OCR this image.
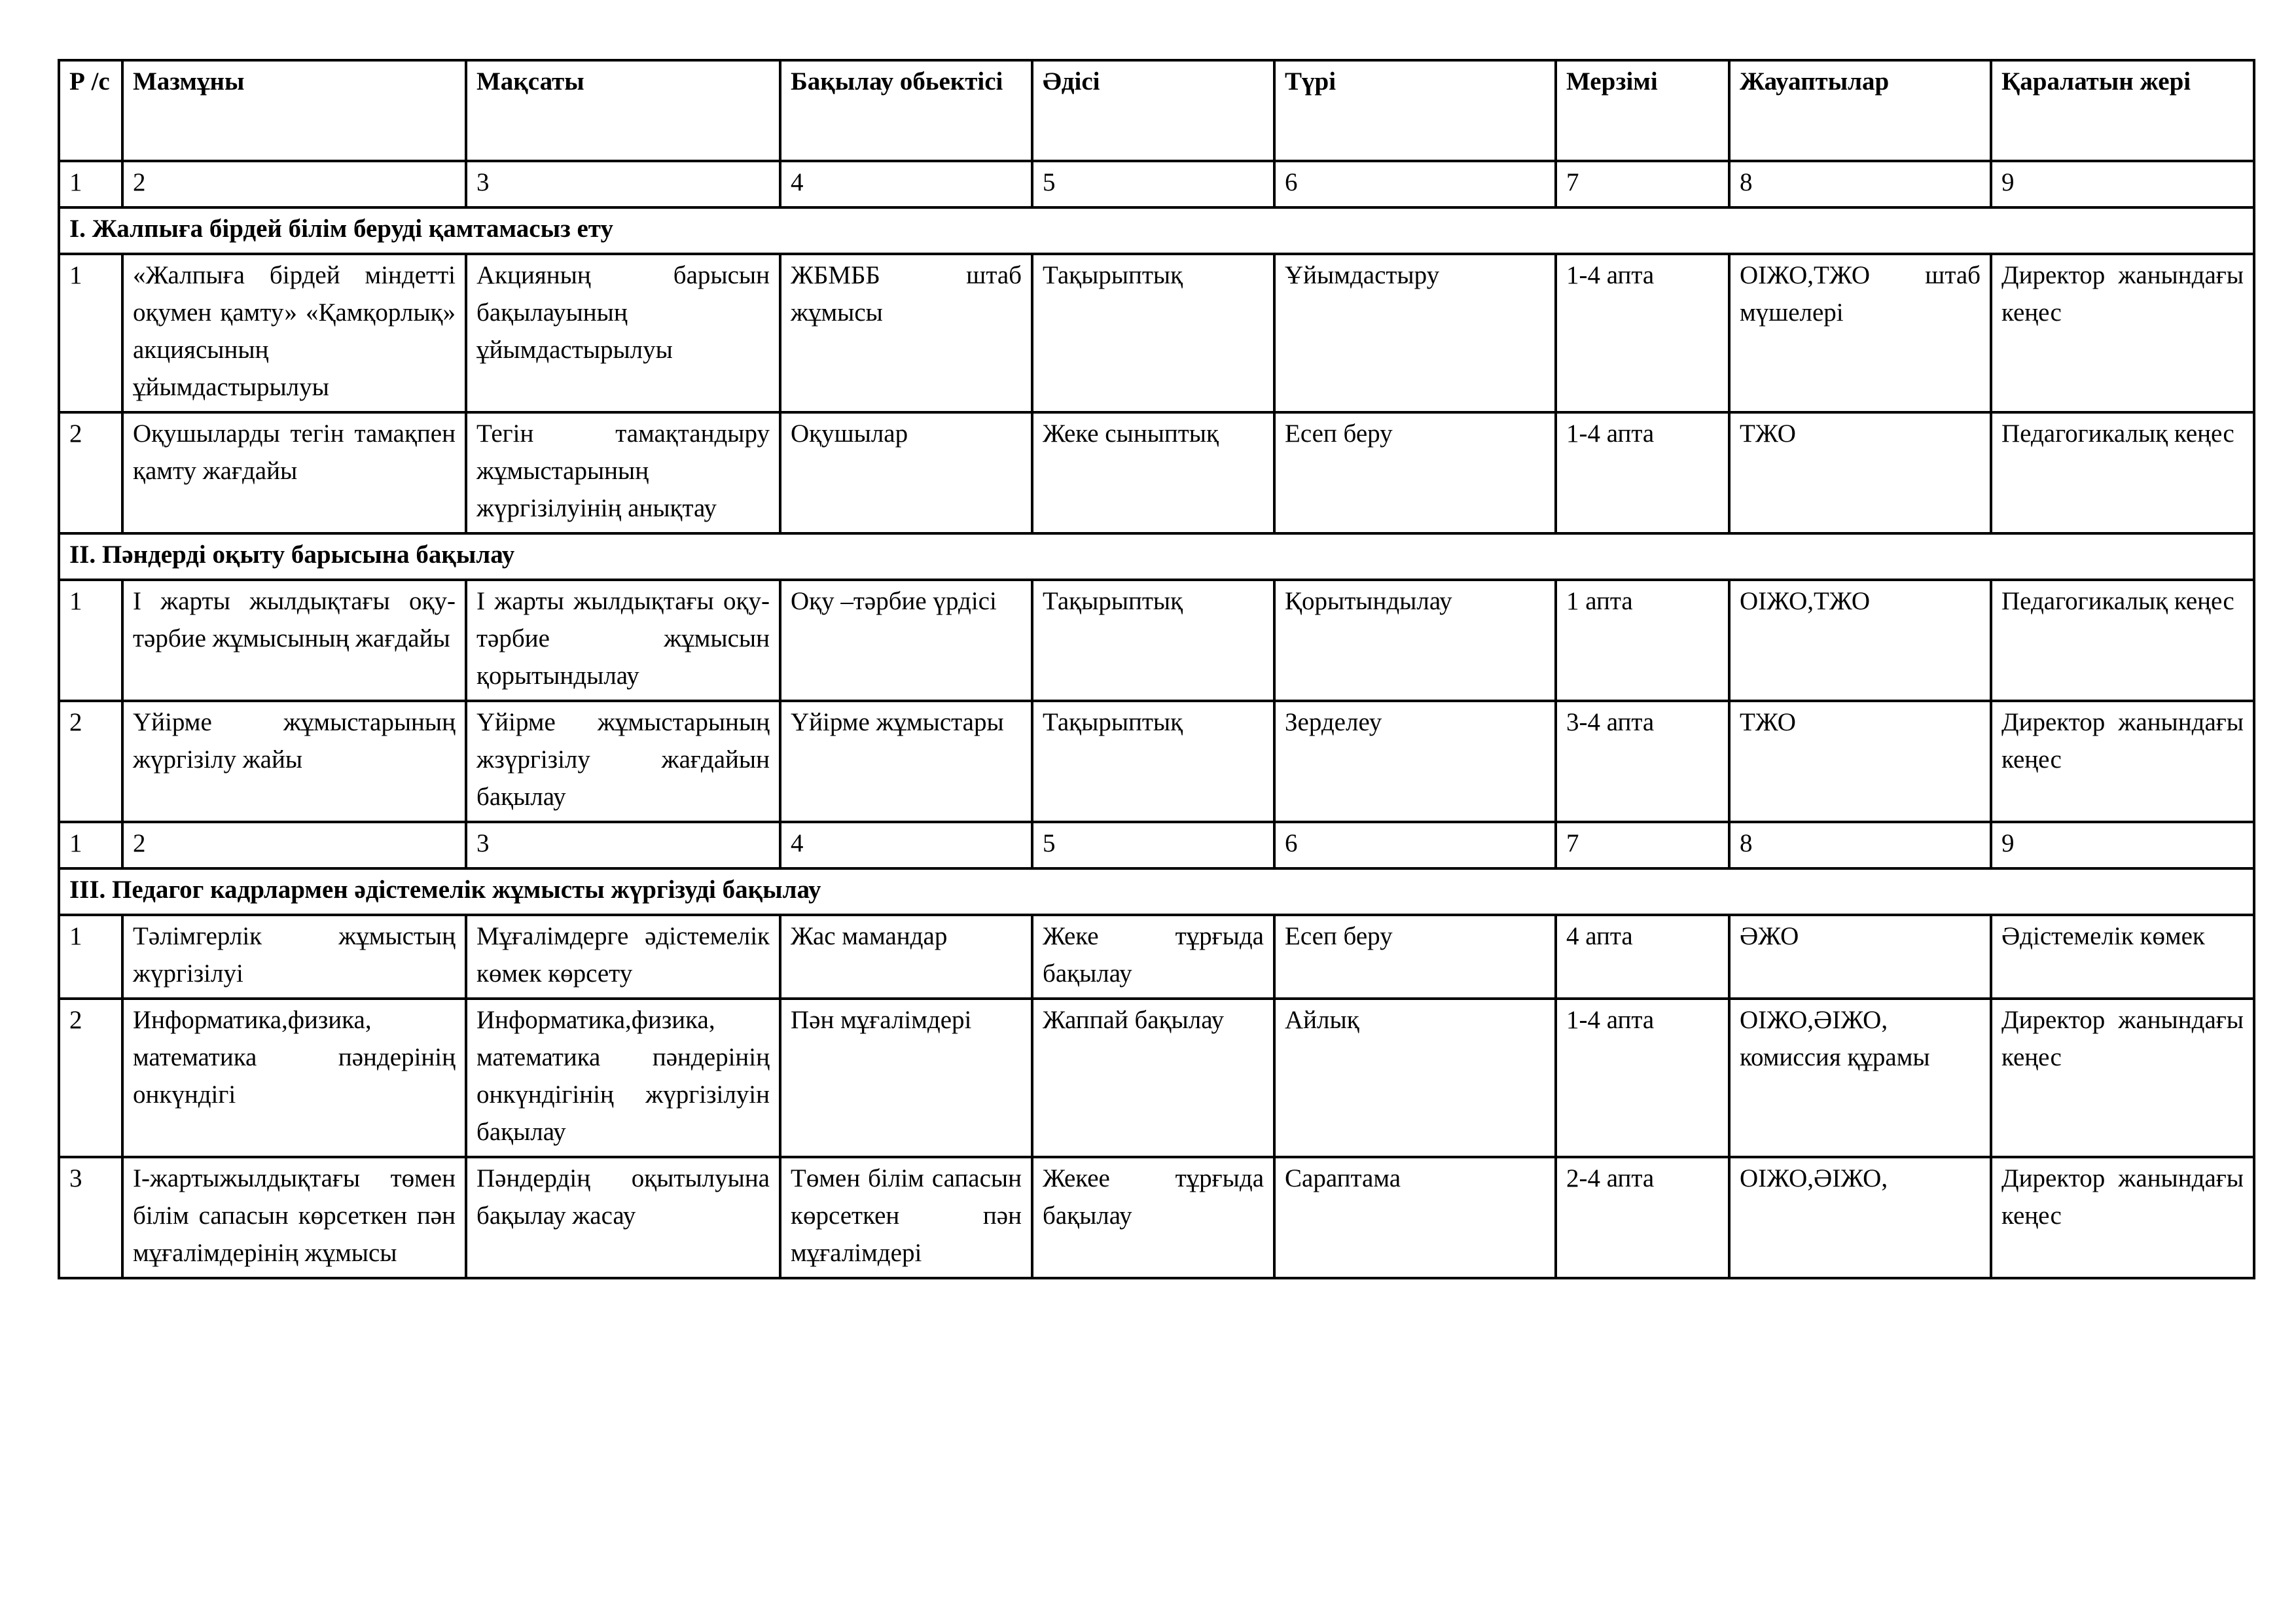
Р /с	Мазмұны	Мақсаты	Бақылау обьектісі	Әдісі	Түрі	Мерзімі	Жауаптылар	Қаралатын жері
1	2	3	4	5	6	7	8	9
I. Жалпыға бірдей білім беруді қамтамасыз ету								
1	«Жалпыға бірдей міндетті оқумен қамту» «Қамқорлық» акциясының ұйымдастырылуы	Акцияның барысын бақылауының ұйымдастырылуы	ЖБМББ штаб жұмысы	Тақырыптық	Ұйымдастыру	1-4 апта	ОІЖО,ТЖО штаб мүшелері	Директор жанындағы кеңес
2	Оқушыларды тегін тамақпен қамту жағдайы	Тегін тамақтандыру жұмыстарының жүргізілуінің анықтау	Оқушылар	Жеке сыныптық	Есеп беру	1-4 апта	ТЖО	Педагогикалық кеңес
II. Пәндерді оқыту барысына бақылау								
1	І жарты жылдықтағы оқу-тәрбие жұмысының жағдайы	І жарты жылдықтағы оқу-тәрбие жұмысын қорытындылау	Оқу –тәрбие үрдісі	Тақырыптық	Қорытындылау	1 апта	ОІЖО,ТЖО	Педагогикалық кеңес
2	Үйірме жұмыстарының жүргізілу жайы	Үйірме жұмыстарының жзүргізілу жағдайын бақылау	Үйірме жұмыстары	Тақырыптық	Зерделеу	3-4 апта	ТЖО	Директор жанындағы кеңес
1	2	3	4	5	6	7	8	9
III. Педагог кадрлармен әдістемелік жұмысты жүргізуді бақылау								
1	Тәлімгерлік жұмыстың жүргізілуі	Мұғалімдерге әдістемелік көмек көрсету	Жас мамандар	Жеке тұрғыда бақылау	Есеп беру	4 апта	ӘЖО	Әдістемелік көмек
2	Информатика,физика, математика пәндерінің онкүндігі	Информатика,физика, математика пәндерінің онкүндігінің жүргізілуін бақылау	Пән мұғалімдері	Жаппай бақылау	Айлық	1-4 апта	ОІЖО,ӘІЖО, комиссия құрамы	Директор жанындағы кеңес
3	І-жартыжылдықтағы төмен білім сапасын көрсеткен пән мұғалімдерінің жұмысы	Пәндердің оқытылуына бақылау жасау	Төмен білім сапасын көрсеткен пән мұғалімдері	Жекее тұрғыда бақылау	Сараптама	2-4 апта	ОІЖО,ӘІЖО,	Директор жанындағы кеңес
